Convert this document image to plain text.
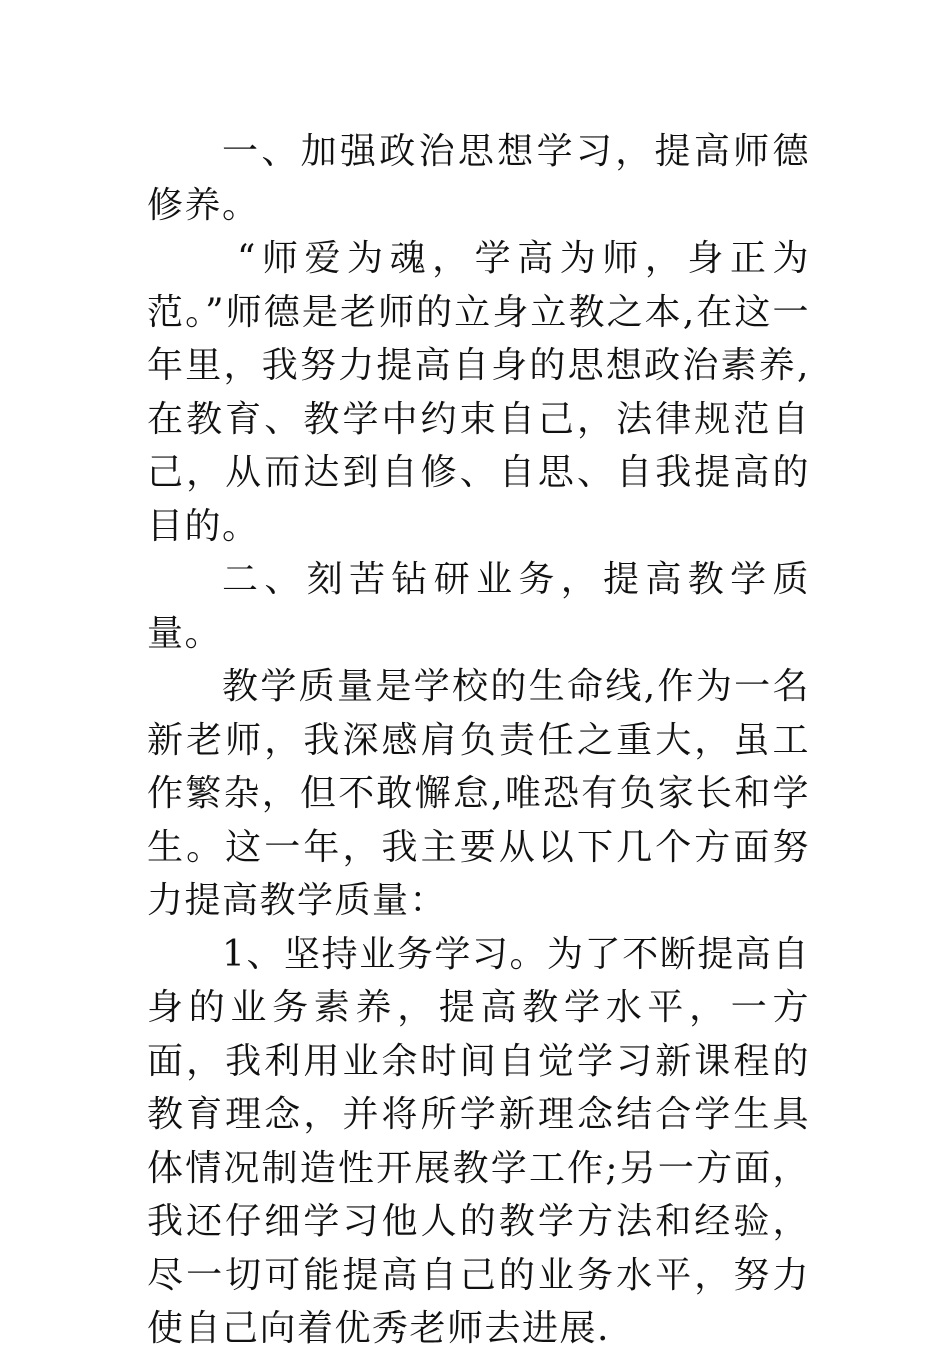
一、加强政治思想学习，提高师德修养。

“师爱为魂，学高为师，身正为范。”师德是老师的立身立教之本,在这一年里，我努力提高自身的思想政治素养,在教育、教学中约束自己，法律规范自己，从而达到自修、自思、自我提高的目的。

二、刻苦钻研业务，提高教学质量。

教学质量是学校的生命线,作为一名新老师，我深感肩负责任之重大，虽工作繁杂，但不敢懈怠,唯恐有负家长和学生。这一年，我主要从以下几个方面努力提高教学质量：

1、坚持业务学习。为了不断提高自身的业务素养，提高教学水平，一方面，我利用业余时间自觉学习新课程的教育理念，并将所学新理念结合学生具体情况制造性开展教学工作;另一方面，我还仔细学习他人的教学方法和经验，尽一切可能提高自己的业务水平，努力使自己向着优秀老师去进展.
